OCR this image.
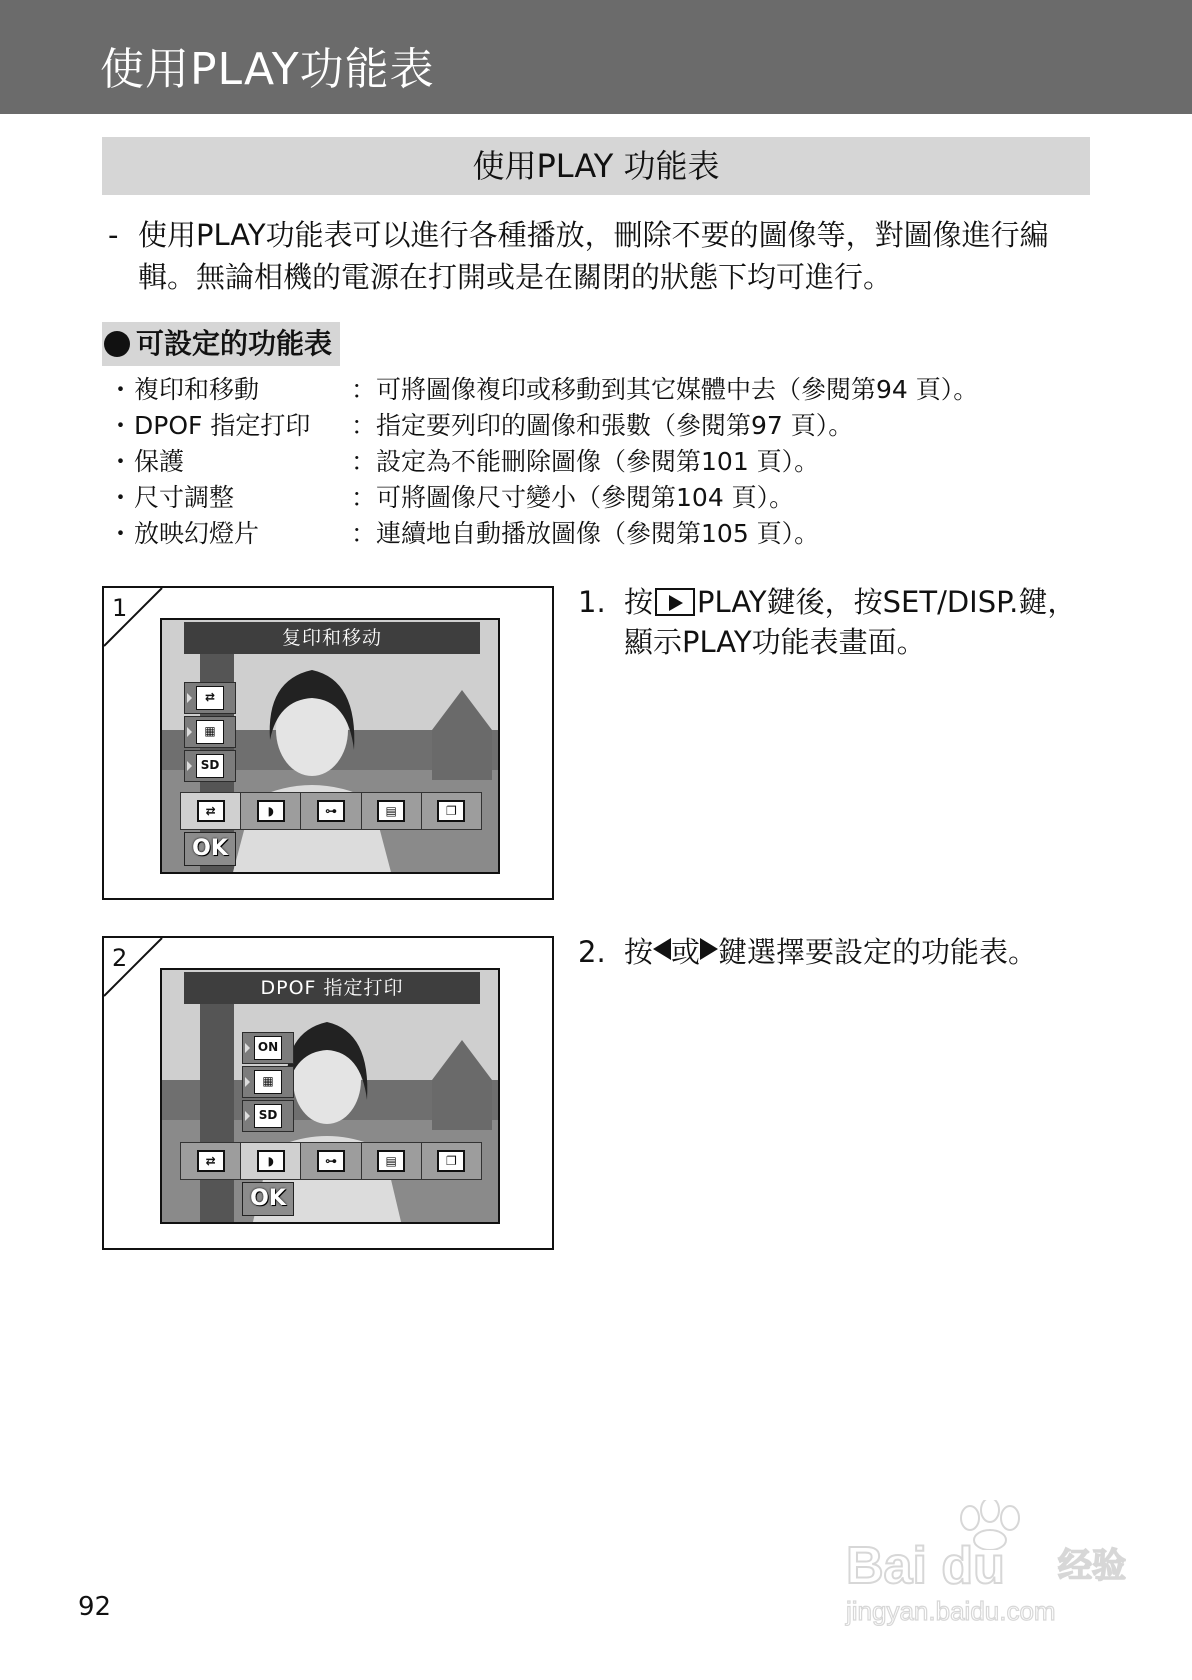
使用PLAY功能表
使用PLAY 功能表
- 使用PLAY功能表可以進行各種播放，刪除不要的圖像等，對圖像進行編輯。無論相機的電源在打開或是在關閉的狀態下均可進行。
可設定的功能表
・ 複印和移動	：可將圖像複印或移動到其它媒體中去（參閱第94 頁）。
・ DPOF 指定打印 ：指定要列印的圖像和張數（參閱第97 頁）。
・ 保護	：設定為不能刪除圖像（參閱第101 頁）。
・ 尺寸調整	：可將圖像尺寸變小（參閱第104 頁）。
・ 放映幻燈片	：連續地自動播放圖像（參閱第105 頁）。
1
复印和移动
⇄
▦
SD
⇄	◗	⊶	▤	❐
OK
1. 按 PLAY鍵後，按SET/DISP.鍵，顯示PLAY功能表畫面。
2
DPOF 指定打印
ON
▦
SD
⇄	◗	⊶	▤	❐
OK
2. 按 或 鍵選擇要設定的功能表。
92
Bai du 经验
jingyan.baidu.com
